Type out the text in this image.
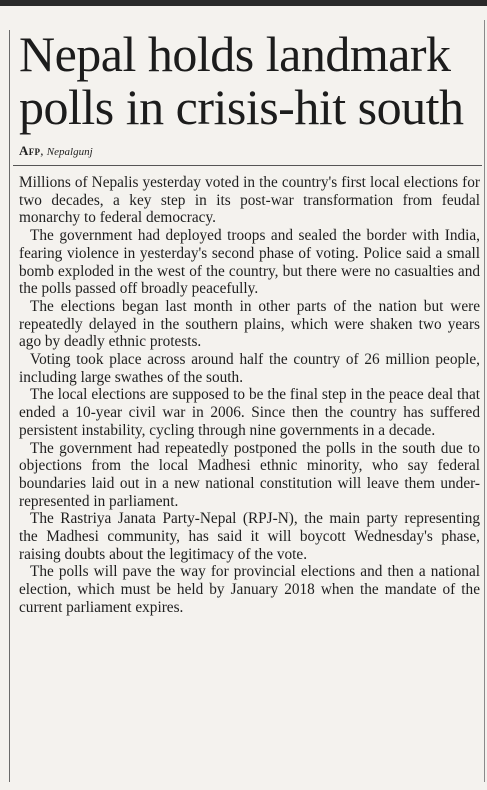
Nepal holds landmark polls in crisis-hit south
Afp, Nepalgunj

Millions of Nepalis yesterday voted in the country's first local elections for two decades, a key step in its post-war transformation from feudal monarchy to federal democracy.

The government had deployed troops and sealed the border with India, fearing violence in yesterday's second phase of voting. Police said a small bomb exploded in the west of the country, but there were no casualties and the polls passed off broadly peacefully.

The elections began last month in other parts of the nation but were repeatedly delayed in the southern plains, which were shaken two years ago by deadly ethnic protests.

Voting took place across around half the country of 26 million people, including large swathes of the south.

The local elections are supposed to be the final step in the peace deal that ended a 10-year civil war in 2006. Since then the country has suffered persistent instability, cycling through nine governments in a decade.

The government had repeatedly postponed the polls in the south due to objections from the local Madhesi ethnic minority, who say federal boundaries laid out in a new national constitution will leave them under-represented in parliament.

The Rastriya Janata Party-Nepal (RPJ-N), the main party representing the Madhesi community, has said it will boycott Wednesday's phase, raising doubts about the legitimacy of the vote.

The polls will pave the way for provincial elections and then a national election, which must be held by January 2018 when the mandate of the current parliament expires.
